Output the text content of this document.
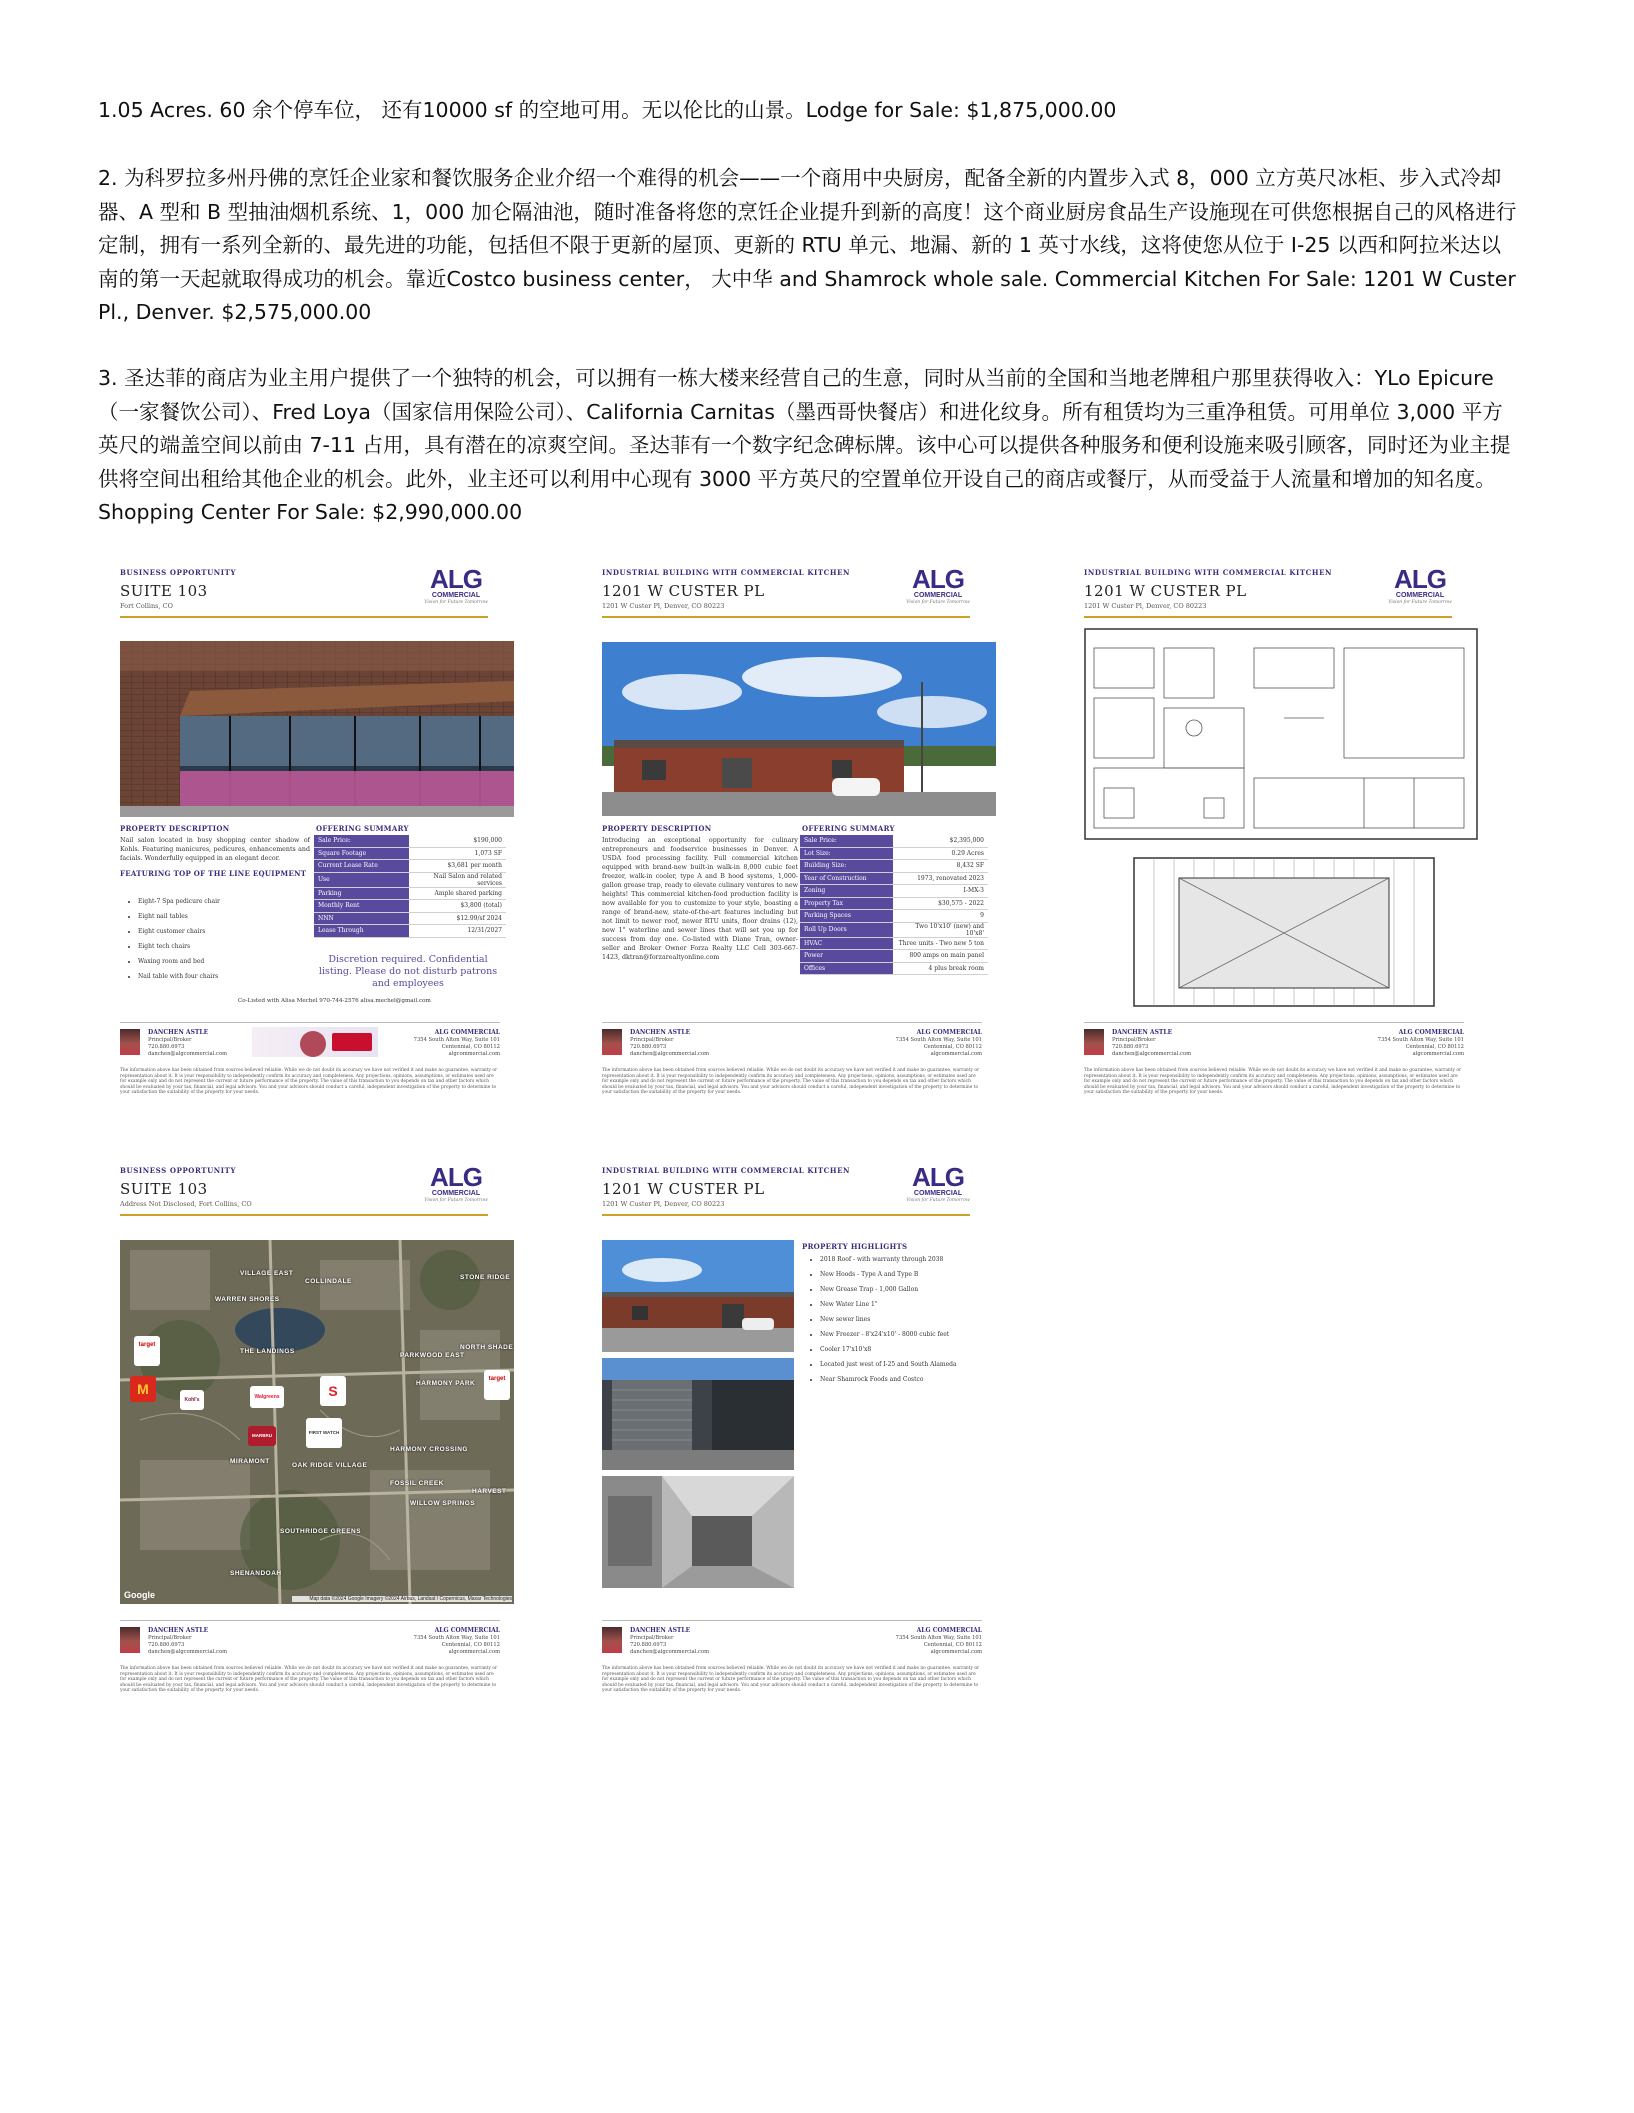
1.05 Acres. 60 余个停车位， 还有10000 sf 的空地可用。无以伦比的山景。Lodge for Sale: $1,875,000.00
2. 为科罗拉多州丹佛的烹饪企业家和餐饮服务企业介绍一个难得的机会——一个商用中央厨房，配备全新的内置步入式 8，000 立方英尺冰柜、步入式冷却器、A 型和 B 型抽油烟机系统、1，000 加仑隔油池，随时准备将您的烹饪企业提升到新的高度！这个商业厨房食品生产设施现在可供您根据自己的风格进行定制，拥有一系列全新的、最先进的功能，包括但不限于更新的屋顶、更新的 RTU 单元、地漏、新的 1 英寸水线，这将使您从位于 I-25 以西和阿拉米达以南的第一天起就取得成功的机会。靠近Costco business center， 大中华 and Shamrock whole sale. Commercial Kitchen For Sale: 1201 W Custer Pl., Denver. $2,575,000.00
3. 圣达菲的商店为业主用户提供了一个独特的机会，可以拥有一栋大楼来经营自己的生意，同时从当前的全国和当地老牌租户那里获得收入：YLo Epicure（一家餐饮公司）、Fred Loya（国家信用保险公司）、California Carnitas（墨西哥快餐店）和进化纹身。所有租赁均为三重净租赁。可用单位 3,000 平方英尺的端盖空间以前由 7-11 占用，具有潜在的凉爽空间。圣达菲有一个数字纪念碑标牌。该中心可以提供各种服务和便利设施来吸引顾客，同时还为业主提供将空间出租给其他企业的机会。此外，业主还可以利用中心现有 3000 平方英尺的空置单位开设自己的商店或餐厅，从而受益于人流量和增加的知名度。Shopping Center For Sale: $2,990,000.00
BUSINESS OPPORTUNITY
SUITE 103
Fort Collins, CO
ALG
COMMERCIAL
Vision for Future Tomorrow
PROPERTY DESCRIPTION
Nail salon located in busy shopping center shadow of Kohls. Featuring manicures, pedicures, enhancements and facials. Wonderfully equipped in an elegant decor.
FEATURING TOP OF THE LINE EQUIPMENT
• Eight-7 Spa pedicure chair
• Eight nail tables
• Eight customer chairs
• Eight tech chairs
• Waxing room and bed
• Nail table with four chairs
OFFERING SUMMARY
Sale Price:	$190,000
Square Footage	1,073 SF
Current Lease Rate	$3,681 per month
Use	Nail Salon and related services
Parking	Ample shared parking
Monthly Rent	$3,800 (total)
NNN	$12.99/sf 2024
Lease Through	12/31/2027
Discretion required. Confidential listing. Please do not disturb patrons and employees
Co-Listed with Alisa Mechel 970-744-2576 alisa.mechel@gmail.com
DANCHEN ASTLE
Principal/Broker
720.880.6973
danchen@algcommercial.com
ALG COMMERCIAL
7354 South Alton Way, Suite 101
Centennial, CO 80112
algcommercial.com
The information above has been obtained from sources believed reliable. While we do not doubt its accuracy we have not verified it and make no guarantee, warranty or representation about it. It is your responsibility to independently confirm its accuracy and completeness. Any projections, opinions, assumptions, or estimates used are for example only and do not represent the current or future performance of the property. The value of this transaction to you depends on tax and other factors which should be evaluated by your tax, financial, and legal advisors. You and your advisors should conduct a careful, independent investigation of the property to determine to your satisfaction the suitability of the property for your needs.
INDUSTRIAL BUILDING WITH COMMERCIAL KITCHEN
1201 W CUSTER PL
1201 W Custer Pl, Denver, CO 80223
ALG
COMMERCIAL
Vision for Future Tomorrow
PROPERTY DESCRIPTION
Introducing an exceptional opportunity for culinary entrepreneurs and foodservice businesses in Denver. A USDA food processing facility. Full commercial kitchen equipped with brand-new built-in walk-in 8,000 cubic feet freezer, walk-in cooler, type A and B hood systems, 1,000-gallon grease trap, ready to elevate culinary ventures to new heights! This commercial kitchen-food production facility is now available for you to customize to your style, boasting a range of brand-new, state-of-the-art features including but not limit to newer roof, newer RTU units, floor drains (12), new 1" waterline and sewer lines that will set you up for success from day one. Co-listed with Diane Tran, owner-seller and Broker Owner Forza Realty LLC Cell 303-667-1423, dktran@forzarealtyonline.com
OFFERING SUMMARY
Sale Price:	$2,395,000
Lot Size:	0.29 Acres
Building Size:	8,432 SF
Year of Construction	1973, renovated 2023
Zoning	I-MX-3
Property Tax	$30,575 - 2022
Parking Spaces	9
Roll Up Doors	Two 10'x10' (new) and 10'x8'
HVAC	Three units - Two new 5 ton
Power	800 amps on main panel
Offices	4 plus break room
DANCHEN ASTLE
Principal/Broker
720.880.6973
danchen@algcommercial.com
ALG COMMERCIAL
7354 South Alton Way, Suite 101
Centennial, CO 80112
algcommercial.com
The information above has been obtained from sources believed reliable. While we do not doubt its accuracy we have not verified it and make no guarantee, warranty or representation about it. It is your responsibility to independently confirm its accuracy and completeness. Any projections, opinions, assumptions, or estimates used are for example only and do not represent the current or future performance of the property. The value of this transaction to you depends on tax and other factors which should be evaluated by your tax, financial, and legal advisors. You and your advisors should conduct a careful, independent investigation of the property to determine to your satisfaction the suitability of the property for your needs.
INDUSTRIAL BUILDING WITH COMMERCIAL KITCHEN
1201 W CUSTER PL
1201 W Custer Pl, Denver, CO 80223
ALG
COMMERCIAL
Vision for Future Tomorrow
DANCHEN ASTLE
Principal/Broker
720.880.6973
danchen@algcommercial.com
ALG COMMERCIAL
7354 South Alton Way, Suite 101
Centennial, CO 80112
algcommercial.com
The information above has been obtained from sources believed reliable. While we do not doubt its accuracy we have not verified it and make no guarantee, warranty or representation about it. It is your responsibility to independently confirm its accuracy and completeness. Any projections, opinions, assumptions, or estimates used are for example only and do not represent the current or future performance of the property. The value of this transaction to you depends on tax and other factors which should be evaluated by your tax, financial, and legal advisors. You and your advisors should conduct a careful, independent investigation of the property to determine to your satisfaction the suitability of the property for your needs.
BUSINESS OPPORTUNITY
SUITE 103
Address Not Disclosed, Fort Collins, CO
ALG
COMMERCIAL
Vision for Future Tomorrow
VILLAGE EAST
COLLINDALE
WARREN SHORES
STONE RIDGE
THE LANDINGS
PARKWOOD EAST
NORTH SHADE
HARMONY PARK
MIRAMONT
WILLOW SPRINGS
FOSSIL CREEK
SOUTHRIDGE GREENS
HARVEST
OAK RIDGE VILLAGE
HARMONY CROSSING
SHENANDOAH
target
M
Kohl's	Walgreens	S
FIRST WATCH
MARBRU
target
Google	Map data ©2024 Google Imagery ©2024 Airbus, Landsat / Copernicus, Maxar Technologies
DANCHEN ASTLE
Principal/Broker
720.880.6973
danchen@algcommercial.com
ALG COMMERCIAL
7354 South Alton Way, Suite 101
Centennial, CO 80112
algcommercial.com
The information above has been obtained from sources believed reliable. While we do not doubt its accuracy we have not verified it and make no guarantee, warranty or representation about it. It is your responsibility to independently confirm its accuracy and completeness. Any projections, opinions, assumptions, or estimates used are for example only and do not represent the current or future performance of the property. The value of this transaction to you depends on tax and other factors which should be evaluated by your tax, financial, and legal advisors. You and your advisors should conduct a careful, independent investigation of the property to determine to your satisfaction the suitability of the property for your needs.
INDUSTRIAL BUILDING WITH COMMERCIAL KITCHEN
1201 W CUSTER PL
1201 W Custer Pl, Denver, CO 80223
ALG
COMMERCIAL
Vision for Future Tomorrow
PROPERTY HIGHLIGHTS
• 2018 Roof - with warranty through 2038
• New Hoods - Type A and Type B
• New Grease Trap - 1,000 Gallon
• New Water Line 1"
• New sewer lines
• New Freezer - 8'x24'x10' - 8000 cubic feet
• Cooler 17'x10'x8
• Located just west of I-25 and South Alameda
• Near Shamrock Foods and Costco
DANCHEN ASTLE
Principal/Broker
720.880.6973
danchen@algcommercial.com
ALG COMMERCIAL
7354 South Alton Way, Suite 101
Centennial, CO 80112
algcommercial.com
The information above has been obtained from sources believed reliable. While we do not doubt its accuracy we have not verified it and make no guarantee, warranty or representation about it. It is your responsibility to independently confirm its accuracy and completeness. Any projections, opinions, assumptions, or estimates used are for example only and do not represent the current or future performance of the property. The value of this transaction to you depends on tax and other factors which should be evaluated by your tax, financial, and legal advisors. You and your advisors should conduct a careful, independent investigation of the property to determine to your satisfaction the suitability of the property for your needs.
